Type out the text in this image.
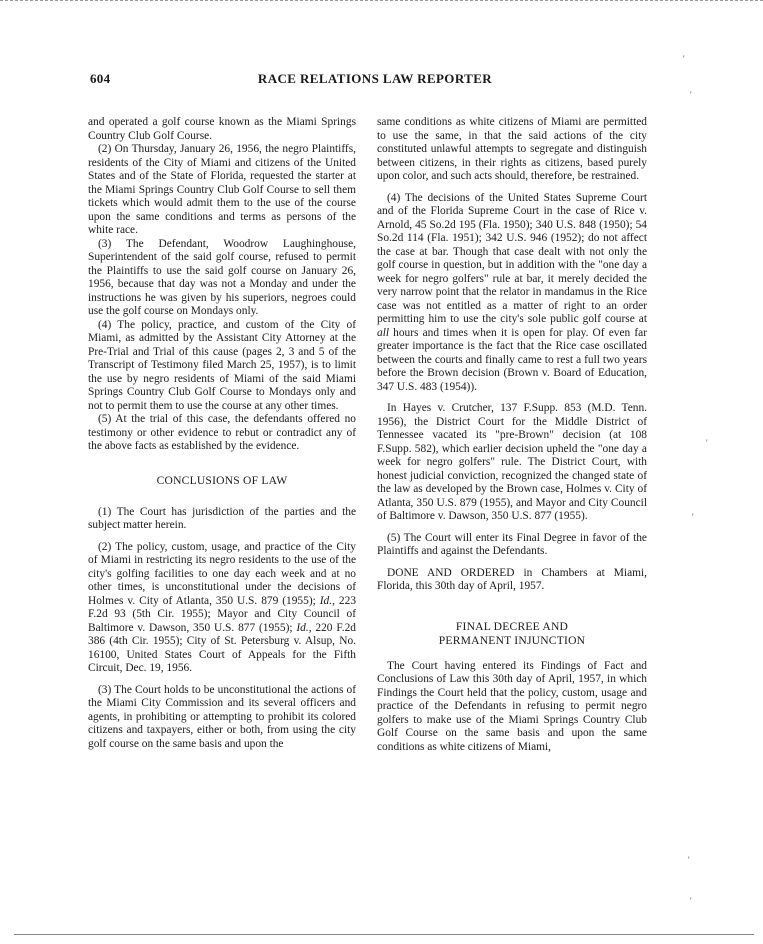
604	RACE RELATIONS LAW REPORTER

and operated a golf course known as the Miami Springs Country Club Golf Course.

(2) On Thursday, January 26, 1956, the negro Plaintiffs, residents of the City of Miami and citizens of the United States and of the State of Florida, requested the starter at the Miami Springs Country Club Golf Course to sell them tickets which would admit them to the use of the course upon the same conditions and terms as persons of the white race.

(3) The Defendant, Woodrow Laughinghouse, Superintendent of the said golf course, refused to permit the Plaintiffs to use the said golf course on January 26, 1956, because that day was not a Monday and under the instructions he was given by his superiors, negroes could use the golf course on Mondays only.

(4) The policy, practice, and custom of the City of Miami, as admitted by the Assistant City Attorney at the Pre-Trial and Trial of this cause (pages 2, 3 and 5 of the Transcript of Testimony filed March 25, 1957), is to limit the use by negro residents of Miami of the said Miami Springs Country Club Golf Course to Mondays only and not to permit them to use the course at any other times.

(5) At the trial of this case, the defendants offered no testimony or other evidence to rebut or contradict any of the above facts as established by the evidence.

CONCLUSIONS OF LAW

(1) The Court has jurisdiction of the parties and the subject matter herein.

(2) The policy, custom, usage, and practice of the City of Miami in restricting its negro residents to the use of the city's golfing facilities to one day each week and at no other times, is unconstitutional under the decisions of Holmes v. City of Atlanta, 350 U.S. 879 (1955); Id., 223 F.2d 93 (5th Cir. 1955); Mayor and City Council of Baltimore v. Dawson, 350 U.S. 877 (1955); Id., 220 F.2d 386 (4th Cir. 1955); City of St. Petersburg v. Alsup, No. 16100, United States Court of Appeals for the Fifth Circuit, Dec. 19, 1956.

(3) The Court holds to be unconstitutional the actions of the Miami City Commission and its several officers and agents, in prohibiting or attempting to prohibit its colored citizens and taxpayers, either or both, from using the city golf course on the same basis and upon the

same conditions as white citizens of Miami are permitted to use the same, in that the said actions of the city constituted unlawful attempts to segregate and distinguish between citizens, in their rights as citizens, based purely upon color, and such acts should, therefore, be restrained.

(4) The decisions of the United States Supreme Court and of the Florida Supreme Court in the case of Rice v. Arnold, 45 So.2d 195 (Fla. 1950); 340 U.S. 848 (1950); 54 So.2d 114 (Fla. 1951); 342 U.S. 946 (1952); do not affect the case at bar. Though that case dealt with not only the golf course in question, but in addition with the "one day a week for negro golfers" rule at bar, it merely decided the very narrow point that the relator in mandamus in the Rice case was not entitled as a matter of right to an order permitting him to use the city's sole public golf course at all hours and times when it is open for play. Of even far greater importance is the fact that the Rice case oscillated between the courts and finally came to rest a full two years before the Brown decision (Brown v. Board of Education, 347 U.S. 483 (1954)).

In Hayes v. Crutcher, 137 F.Supp. 853 (M.D. Tenn. 1956), the District Court for the Middle District of Tennessee vacated its "pre-Brown" decision (at 108 F.Supp. 582), which earlier decision upheld the "one day a week for negro golfers" rule. The District Court, with honest judicial conviction, recognized the changed state of the law as developed by the Brown case, Holmes v. City of Atlanta, 350 U.S. 879 (1955), and Mayor and City Council of Baltimore v. Dawson, 350 U.S. 877 (1955).

(5) The Court will enter its Final Degree in favor of the Plaintiffs and against the Defendants.

DONE AND ORDERED in Chambers at Miami, Florida, this 30th day of April, 1957.

FINAL DECREE AND
PERMANENT INJUNCTION

The Court having entered its Findings of Fact and Conclusions of Law this 30th day of April, 1957, in which Findings the Court held that the policy, custom, usage and practice of the Defendants in refusing to permit negro golfers to make use of the Miami Springs Country Club Golf Course on the same basis and upon the same conditions as white citizens of Miami,

'
'
'
'
'
'
